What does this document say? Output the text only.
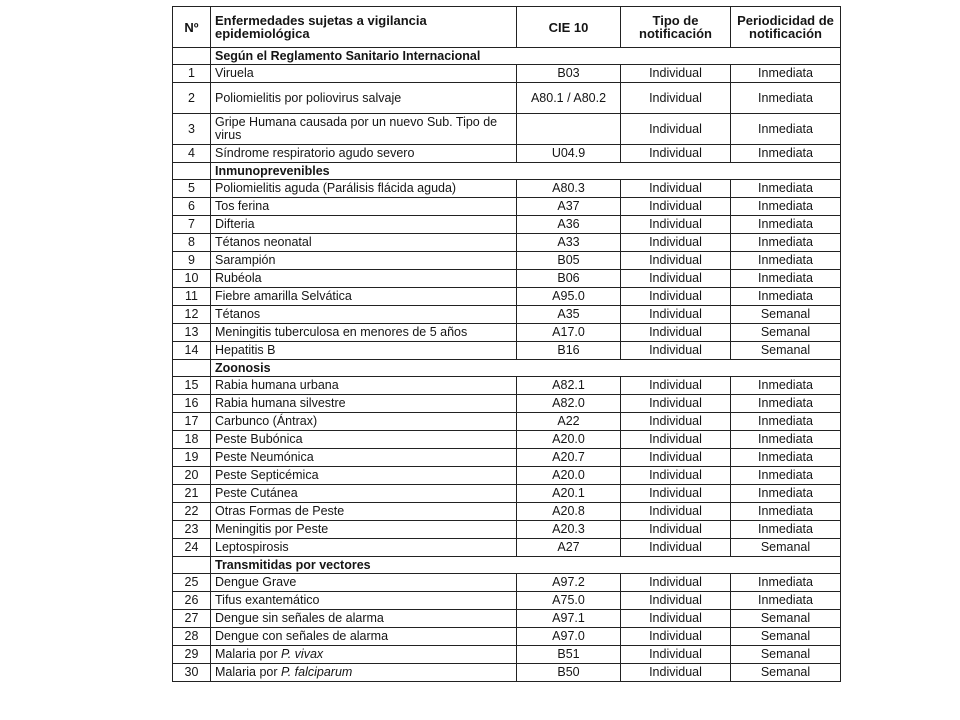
Nº	Enfermedades sujetas a vigilancia epidemiológica	CIE 10	Tipo de notificación	Periodicidad de notificación
	Según el Reglamento Sanitario Internacional			
1	Viruela	B03	Individual	Inmediata
2	Poliomielitis por poliovirus salvaje	A80.1 / A80.2	Individual	Inmediata
3	Gripe Humana causada por un nuevo Sub. Tipo de virus		Individual	Inmediata
4	Síndrome respiratorio agudo severo	U04.9	Individual	Inmediata
	Inmunoprevenibles			
5	Poliomielitis aguda (Parálisis flácida aguda)	A80.3	Individual	Inmediata
6	Tos ferina	A37	Individual	Inmediata
7	Difteria	A36	Individual	Inmediata
8	Tétanos neonatal	A33	Individual	Inmediata
9	Sarampión	B05	Individual	Inmediata
10	Rubéola	B06	Individual	Inmediata
11	Fiebre amarilla Selvática	A95.0	Individual	Inmediata
12	Tétanos	A35	Individual	Semanal
13	Meningitis tuberculosa en menores de 5 años	A17.0	Individual	Semanal
14	Hepatitis B	B16	Individual	Semanal
	Zoonosis			
15	Rabia humana urbana	A82.1	Individual	Inmediata
16	Rabia humana silvestre	A82.0	Individual	Inmediata
17	Carbunco (Ántrax)	A22	Individual	Inmediata
18	Peste Bubónica	A20.0	Individual	Inmediata
19	Peste Neumónica	A20.7	Individual	Inmediata
20	Peste Septicémica	A20.0	Individual	Inmediata
21	Peste Cutánea	A20.1	Individual	Inmediata
22	Otras Formas de Peste	A20.8	Individual	Inmediata
23	Meningitis por Peste	A20.3	Individual	Inmediata
24	Leptospirosis	A27	Individual	Semanal
	Transmitidas por vectores			
25	Dengue Grave	A97.2	Individual	Inmediata
26	Tifus exantemático	A75.0	Individual	Inmediata
27	Dengue sin señales de alarma	A97.1	Individual	Semanal
28	Dengue con señales de alarma	A97.0	Individual	Semanal
29	Malaria por P. vivax	B51	Individual	Semanal
30	Malaria por P. falciparum	B50	Individual	Semanal
